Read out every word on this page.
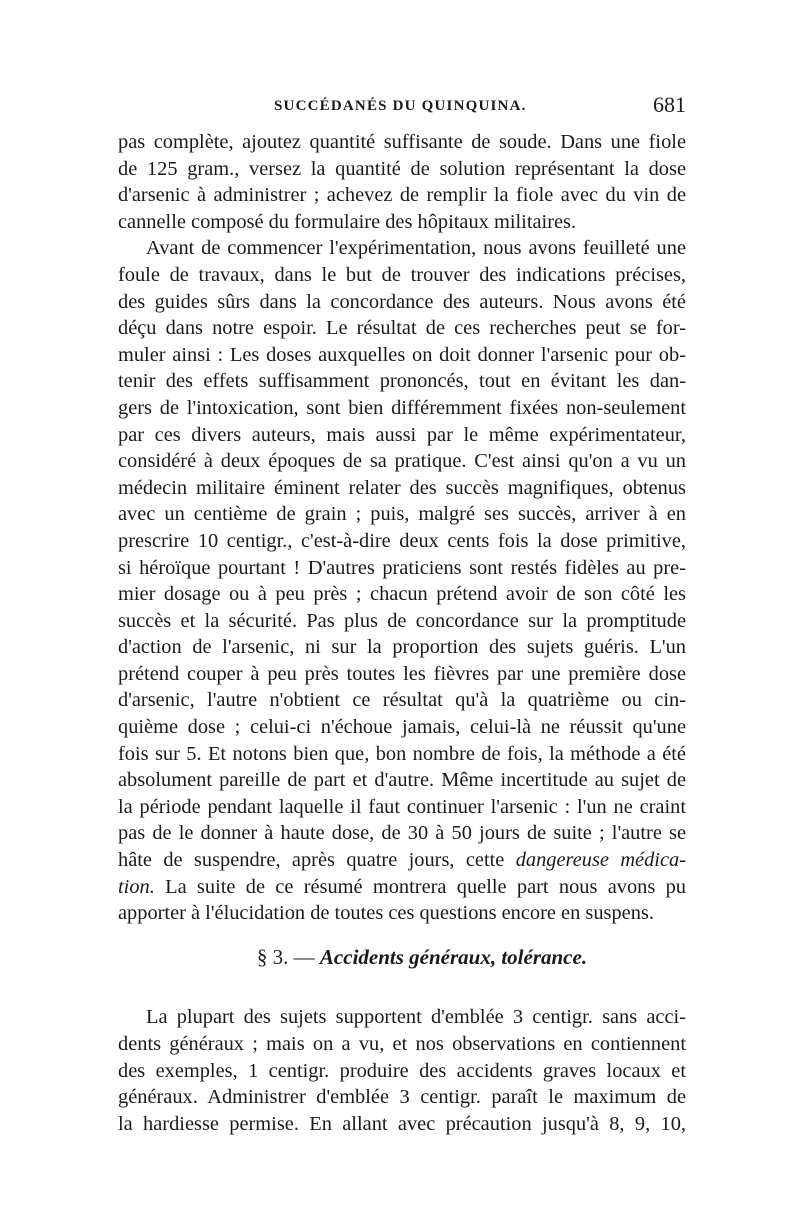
SUCCÉDANÉS DU QUINQUINA.	681
pas complète, ajoutez quantité suffisante de soude. Dans une fiole
de 125 gram., versez la quantité de solution représentant la dose
d'arsenic à administrer ; achevez de remplir la fiole avec du vin de
cannelle composé du formulaire des hôpitaux militaires.
Avant de commencer l'expérimentation, nous avons feuilleté une
foule de travaux, dans le but de trouver des indications précises,
des guides sûrs dans la concordance des auteurs. Nous avons été
déçu dans notre espoir. Le résultat de ces recherches peut se for-
muler ainsi : Les doses auxquelles on doit donner l'arsenic pour ob-
tenir des effets suffisamment prononcés, tout en évitant les dan-
gers de l'intoxication, sont bien différemment fixées non-seulement
par ces divers auteurs, mais aussi par le même expérimentateur,
considéré à deux époques de sa pratique. C'est ainsi qu'on a vu un
médecin militaire éminent relater des succès magnifiques, obtenus
avec un centième de grain ; puis, malgré ses succès, arriver à en
prescrire 10 centigr., c'est-à-dire deux cents fois la dose primitive,
si héroïque pourtant ! D'autres praticiens sont restés fidèles au pre-
mier dosage ou à peu près ; chacun prétend avoir de son côté les
succès et la sécurité. Pas plus de concordance sur la promptitude
d'action de l'arsenic, ni sur la proportion des sujets guéris. L'un
prétend couper à peu près toutes les fièvres par une première dose
d'arsenic, l'autre n'obtient ce résultat qu'à la quatrième ou cin-
quième dose ; celui-ci n'échoue jamais, celui-là ne réussit qu'une
fois sur 5. Et notons bien que, bon nombre de fois, la méthode a été
absolument pareille de part et d'autre. Même incertitude au sujet de
la période pendant laquelle il faut continuer l'arsenic : l'un ne craint
pas de le donner à haute dose, de 30 à 50 jours de suite ; l'autre se
hâte de suspendre, après quatre jours, cette dangereuse médica-
tion. La suite de ce résumé montrera quelle part nous avons pu
apporter à l'élucidation de toutes ces questions encore en suspens.
§ 3. — Accidents généraux, tolérance.
La plupart des sujets supportent d'emblée 3 centigr. sans acci-
dents généraux ; mais on a vu, et nos observations en contiennent
des exemples, 1 centigr. produire des accidents graves locaux et
généraux. Administrer d'emblée 3 centigr. paraît le maximum de
la hardiesse permise. En allant avec précaution jusqu'à 8, 9, 10,
